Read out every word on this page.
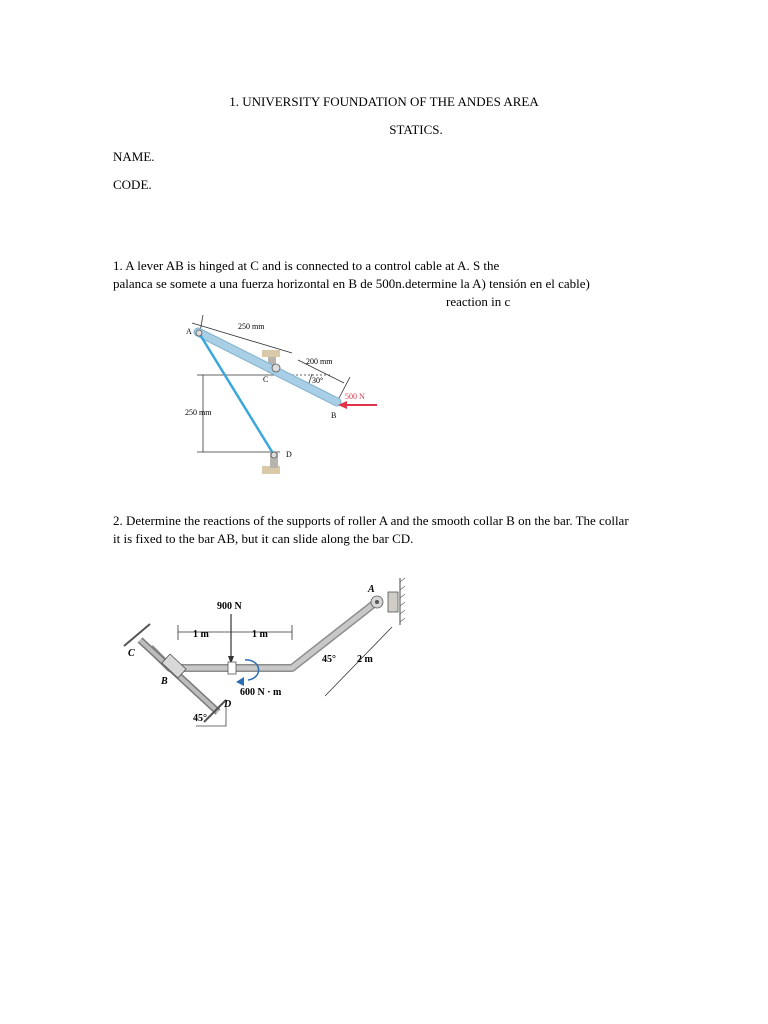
1. UNIVERSITY FOUNDATION OF THE ANDES AREA
STATICS.
NAME.
CODE.
1. A lever AB is hinged at C and is connected to a control cable at A. S the
palanca se somete a una fuerza horizontal en B de 500n.determine la A) tensión en el cable)
reaction in c
A
250 mm
200 mm
30°
C
500 N
B
250 mm
D
2. Determine the reactions of the supports of roller A and the smooth collar B on the bar. The collar
it is fixed to the bar AB, but it can slide along the bar CD.
900 N
1 m	1 m
600 N · m
45° 2 m
A
C
B
D
45°
